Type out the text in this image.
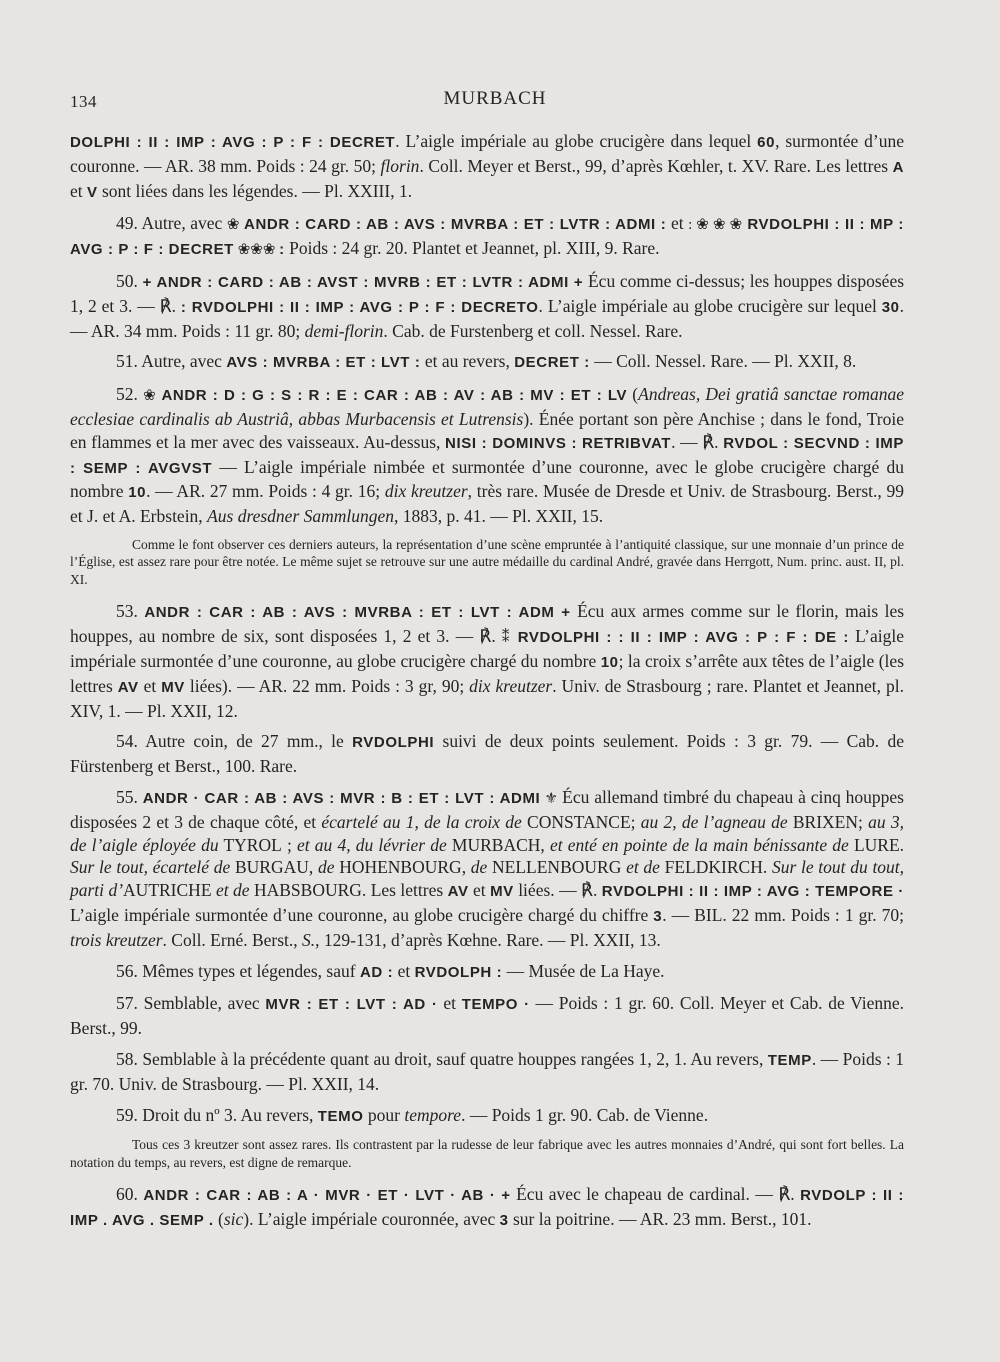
134	MURBACH

DOLPHI : II : IMP : AVG : P : F : DECRET. L’aigle impériale au globe crucigère dans lequel 60, surmontée d’une couronne. — AR. 38 mm. Poids : 24 gr. 50; florin. Coll. Meyer et Berst., 99, d’après Kœhler, t. XV. Rare. Les lettres A et V sont liées dans les légendes. — Pl. XXIII, 1.

49. Autre, avec ❀ ANDR : CARD : AB : AVS : MVRBA : ET : LVTR : ADMI : et : ❀ ❀ ❀ RVDOLPHI : II : MP : AVG : P : F : DECRET ❀❀❀ : Poids : 24 gr. 20. Plantet et Jeannet, pl. XIII, 9. Rare.

50. + ANDR : CARD : AB : AVST : MVRB : ET : LVTR : ADMI + Écu comme ci-dessus; les houppes disposées 1, 2 et 3. — ℟. : RVDOLPHI : II : IMP : AVG : P : F : DECRETO. L’aigle impériale au globe crucigère sur lequel 30. — AR. 34 mm. Poids : 11 gr. 80; demi-florin. Cab. de Furstenberg et coll. Nessel. Rare.

51. Autre, avec AVS : MVRBA : ET : LVT : et au revers, DECRET : — Coll. Nessel. Rare. — Pl. XXII, 8.

52. ❀ ANDR : D : G : S : R : E : CAR : AB : AV : AB : MV : ET : LV (Andreas, Dei gratiâ sanctae romanae ecclesiae cardinalis ab Austriâ, abbas Murbacensis et Lutrensis). Énée portant son père Anchise ; dans le fond, Troie en flammes et la mer avec des vaisseaux. Au-dessus, NISI : DOMINVS : RETRIBVAT. — ℟. RVDOL : SECVND : IMP : SEMP : AVGVST — L’aigle impériale nimbée et surmontée d’une couronne, avec le globe crucigère chargé du nombre 10. — AR. 27 mm. Poids : 4 gr. 16; dix kreutzer, très rare. Musée de Dresde et Univ. de Strasbourg. Berst., 99 et J. et A. Erbstein, Aus dresdner Sammlungen, 1883, p. 41. — Pl. XXII, 15.

Comme le font observer ces derniers auteurs, la représentation d’une scène empruntée à l’antiquité classique, sur une monnaie d’un prince de l’Église, est assez rare pour être notée. Le même sujet se retrouve sur une autre médaille du cardinal André, gravée dans Herrgott, Num. princ. aust. II, pl. XI.

53. ANDR : CAR : AB : AVS : MVRBA : ET : LVT : ADM + Écu aux armes comme sur le florin, mais les houppes, au nombre de six, sont disposées 1, 2 et 3. — ℟. ⁑ RVDOLPHI : : II : IMP : AVG : P : F : DE : L’aigle impériale surmontée d’une couronne, au globe crucigère chargé du nombre 10; la croix s’arrête aux têtes de l’aigle (les lettres AV et MV liées). — AR. 22 mm. Poids : 3 gr, 90; dix kreutzer. Univ. de Strasbourg ; rare. Plantet et Jeannet, pl. XIV, 1. — Pl. XXII, 12.

54. Autre coin, de 27 mm., le RVDOLPHI suivi de deux points seulement. Poids : 3 gr. 79. — Cab. de Fürstenberg et Berst., 100. Rare.

55. ANDR · CAR : AB : AVS : MVR : B : ET : LVT : ADMI ⚜ Écu allemand timbré du chapeau à cinq houppes disposées 2 et 3 de chaque côté, et écartelé au 1, de la croix de CONSTANCE; au 2, de l’agneau de BRIXEN; au 3, de l’aigle éployée du TYROL ; et au 4, du lévrier de MURBACH, et enté en pointe de la main bénissante de LURE. Sur le tout, écartelé de BURGAU, de HOHENBOURG, de NELLENBOURG et de FELDKIRCH. Sur le tout du tout, parti d’AUTRICHE et de HABSBOURG. Les lettres AV et MV liées. — ℟. RVDOLPHI : II : IMP : AVG : TEMPORE · L’aigle impériale surmontée d’une couronne, au globe crucigère chargé du chiffre 3. — BIL. 22 mm. Poids : 1 gr. 70; trois kreutzer. Coll. Erné. Berst., S., 129-131, d’après Kœhne. Rare. — Pl. XXII, 13.

56. Mêmes types et légendes, sauf AD : et RVDOLPH : — Musée de La Haye.

57. Semblable, avec MVR : ET : LVT : AD · et TEMPO · — Poids : 1 gr. 60. Coll. Meyer et Cab. de Vienne. Berst., 99.

58. Semblable à la précédente quant au droit, sauf quatre houppes rangées 1, 2, 1. Au revers, TEMP. — Poids : 1 gr. 70. Univ. de Strasbourg. — Pl. XXII, 14.

59. Droit du nº 3. Au revers, TEMO pour tempore. — Poids 1 gr. 90. Cab. de Vienne.

Tous ces 3 kreutzer sont assez rares. Ils contrastent par la rudesse de leur fabrique avec les autres monnaies d’André, qui sont fort belles. La notation du temps, au revers, est digne de remarque.

60. ANDR : CAR : AB : A · MVR · ET · LVT · AB · + Écu avec le chapeau de cardinal. — ℟. RVDOLP : II : IMP . AVG . SEMP . (sic). L’aigle impériale couronnée, avec 3 sur la poitrine. — AR. 23 mm. Berst., 101.
